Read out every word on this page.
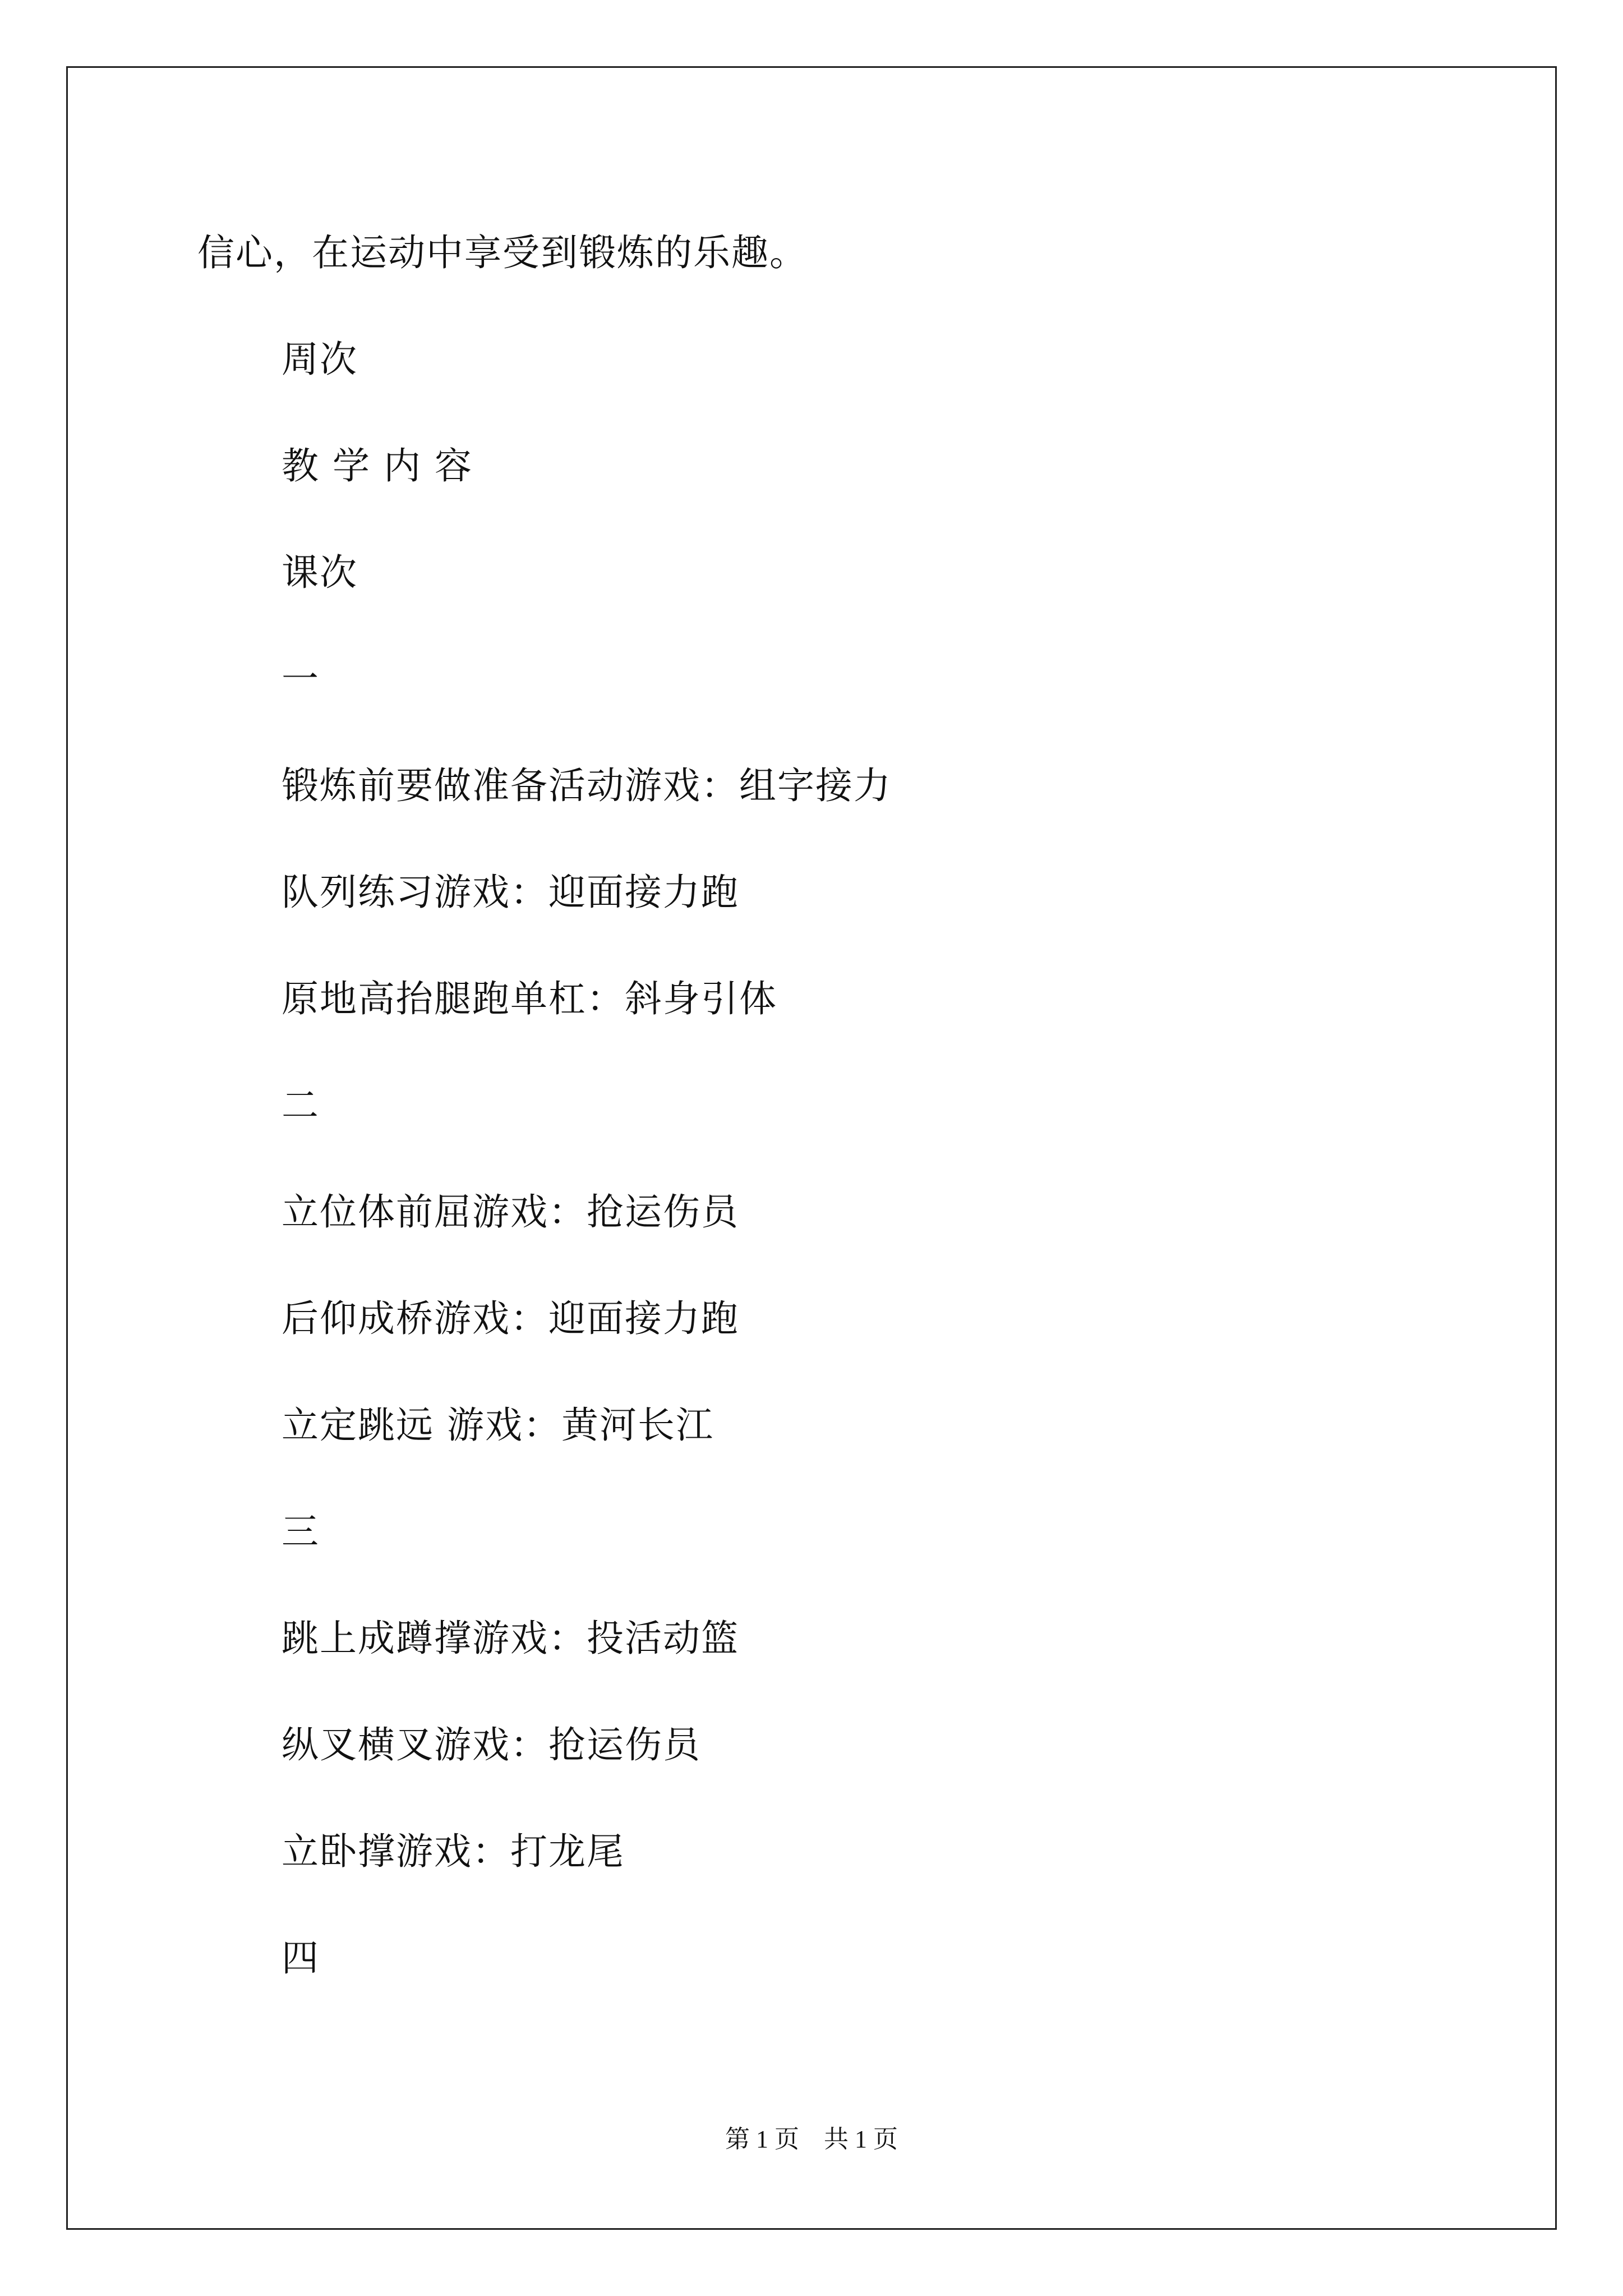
信心，在运动中享受到锻炼的乐趣。
周次
教 学 内 容
课次
一
锻炼前要做准备活动游戏：组字接力
队列练习游戏：迎面接力跑
原地高抬腿跑单杠：斜身引体
二
立位体前屈游戏：抢运伤员
后仰成桥游戏：迎面接力跑
立定跳远 游戏：黄河长江
三
跳上成蹲撑游戏：投活动篮
纵叉横叉游戏：抢运伤员
立卧撑游戏：打龙尾
四
第 1 页    共 1 页
